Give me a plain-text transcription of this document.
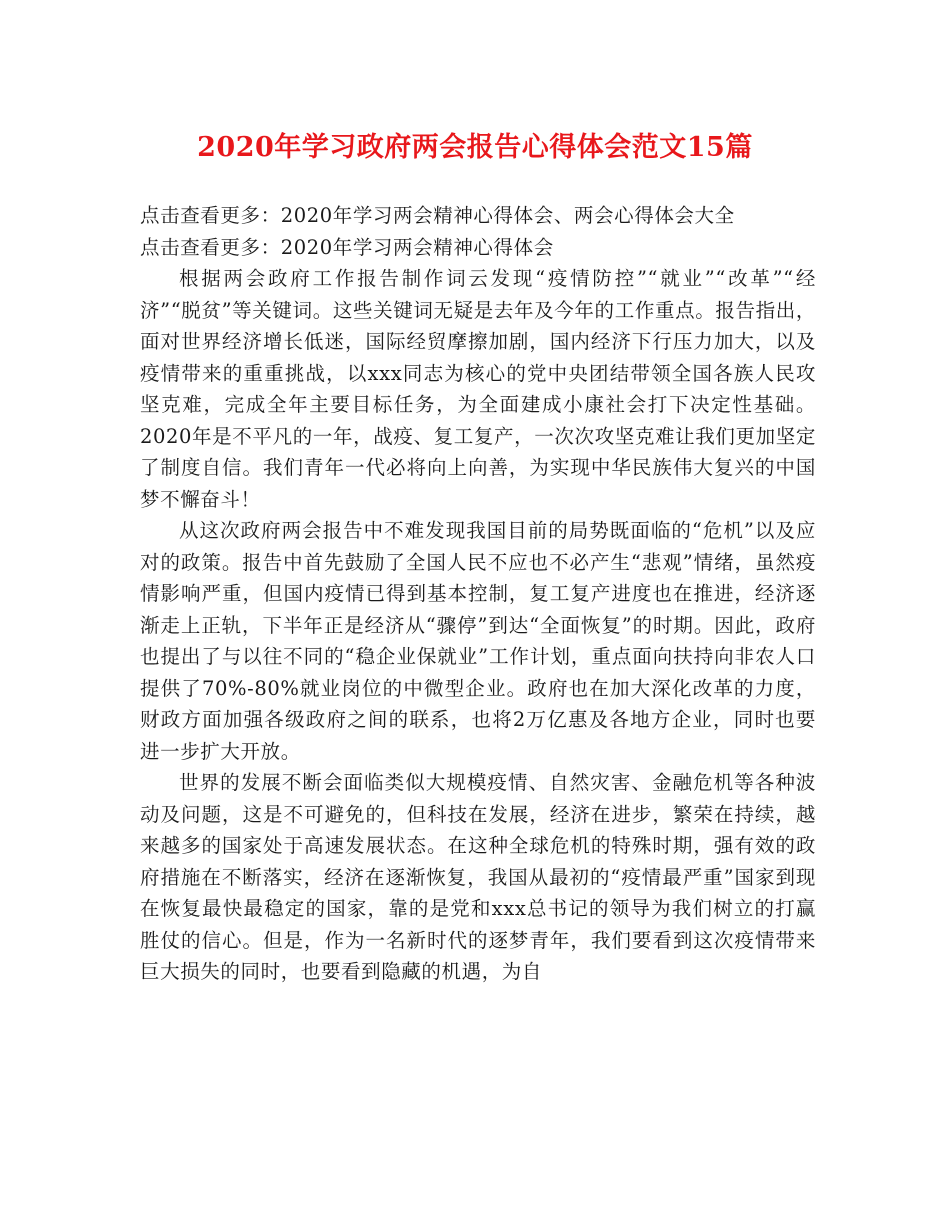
2020年学习政府两会报告心得体会范文15篇

点击查看更多：2020年学习两会精神心得体会、两会心得体会大全

点击查看更多：2020年学习两会精神心得体会

根据两会政府工作报告制作词云发现“疫情防控”“就业”“改革”“经济”“脱贫”等关键词。这些关键词无疑是去年及今年的工作重点。报告指出，面对世界经济增长低迷，国际经贸摩擦加剧，国内经济下行压力加大，以及疫情带来的重重挑战，以xxx同志为核心的党中央团结带领全国各族人民攻坚克难，完成全年主要目标任务，为全面建成小康社会打下决定性基础。2020年是不平凡的一年，战疫、复工复产，一次次攻坚克难让我们更加坚定了制度自信。我们青年一代必将向上向善，为实现中华民族伟大复兴的中国梦不懈奋斗！

从这次政府两会报告中不难发现我国目前的局势既面临的“危机”以及应对的政策。报告中首先鼓励了全国人民不应也不必产生“悲观”情绪，虽然疫情影响严重，但国内疫情已得到基本控制，复工复产进度也在推进，经济逐渐走上正轨，下半年正是经济从“骤停”到达“全面恢复”的时期。因此，政府也提出了与以往不同的“稳企业保就业”工作计划，重点面向扶持向非农人口提供了70%-80%就业岗位的中微型企业。政府也在加大深化改革的力度，财政方面加强各级政府之间的联系，也将2万亿惠及各地方企业，同时也要进一步扩大开放。

世界的发展不断会面临类似大规模疫情、自然灾害、金融危机等各种波动及问题，这是不可避免的，但科技在发展，经济在进步，繁荣在持续，越来越多的国家处于高速发展状态。在这种全球危机的特殊时期，强有效的政府措施在不断落实，经济在逐渐恢复，我国从最初的“疫情最严重”国家到现在恢复最快最稳定的国家，靠的是党和xxx总书记的领导为我们树立的打赢胜仗的信心。但是，作为一名新时代的逐梦青年，我们要看到这次疫情带来巨大损失的同时，也要看到隐藏的机遇，为自
